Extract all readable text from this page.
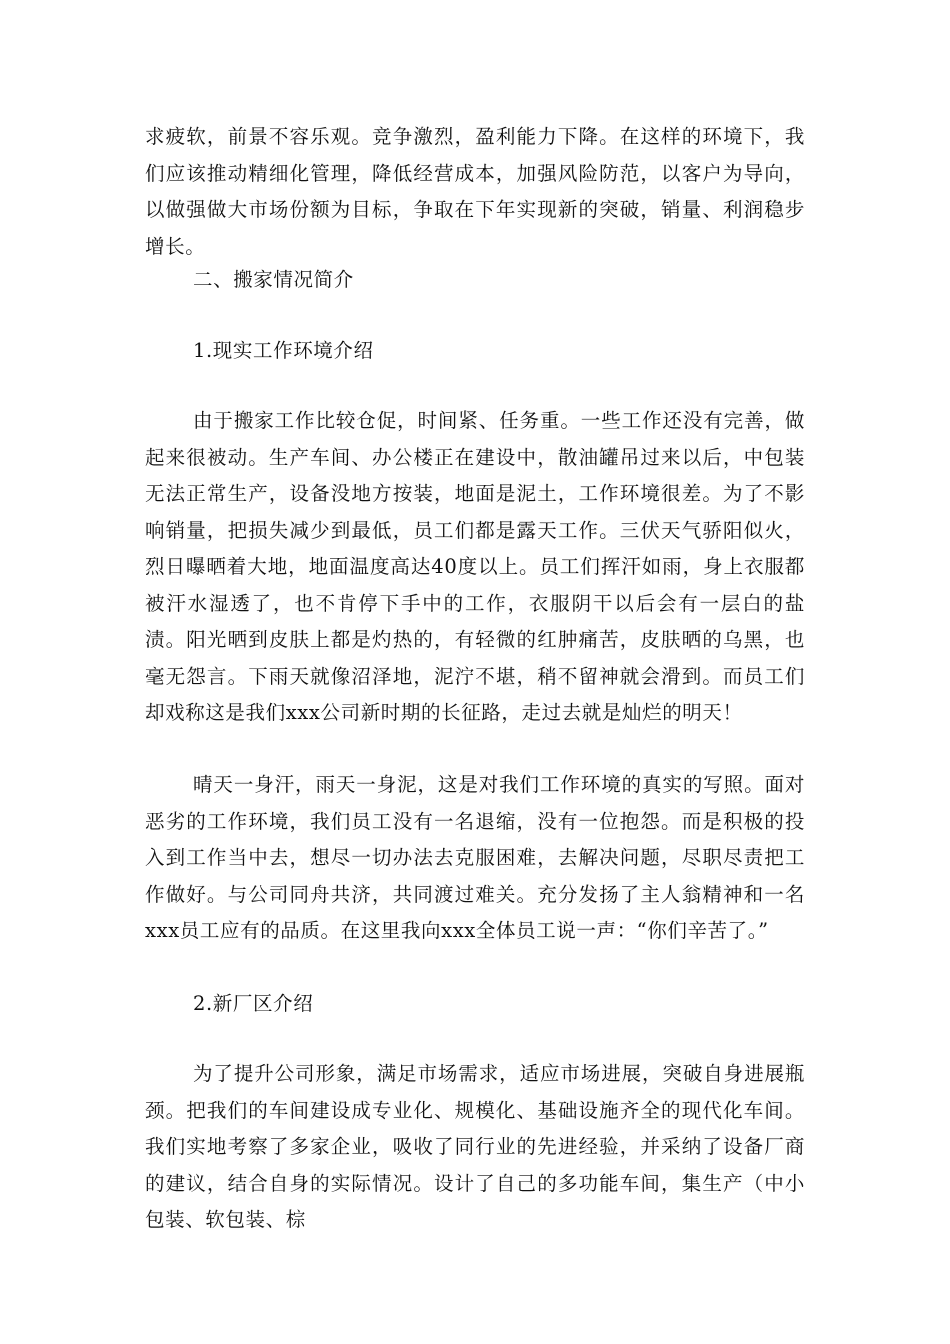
求疲软，前景不容乐观。竞争激烈，盈利能力下降。在这样的环境下，我们应该推动精细化管理，降低经营成本，加强风险防范，以客户为导向，以做强做大市场份额为目标，争取在下年实现新的突破，销量、利润稳步增长。

二、搬家情况简介
1.现实工作环境介绍

由于搬家工作比较仓促，时间紧、任务重。一些工作还没有完善，做起来很被动。生产车间、办公楼正在建设中，散油罐吊过来以后，中包装无法正常生产，设备没地方按装，地面是泥土，工作环境很差。为了不影响销量，把损失减少到最低，员工们都是露天工作。三伏天气骄阳似火，烈日曝晒着大地，地面温度高达40度以上。员工们挥汗如雨，身上衣服都被汗水湿透了，也不肯停下手中的工作，衣服阴干以后会有一层白的盐渍。阳光晒到皮肤上都是灼热的，有轻微的红肿痛苦，皮肤晒的乌黑，也毫无怨言。下雨天就像沼泽地，泥泞不堪，稍不留神就会滑到。而员工们却戏称这是我们xxx公司新时期的长征路，走过去就是灿烂的明天！

晴天一身汗，雨天一身泥，这是对我们工作环境的真实的写照。面对恶劣的工作环境，我们员工没有一名退缩，没有一位抱怨。而是积极的投入到工作当中去，想尽一切办法去克服困难，去解决问题，尽职尽责把工作做好。与公司同舟共济，共同渡过难关。充分发扬了主人翁精神和一名xxx员工应有的品质。在这里我向xxx全体员工说一声：“你们辛苦了。”

2.新厂区介绍

为了提升公司形象，满足市场需求，适应市场进展，突破自身进展瓶颈。把我们的车间建设成专业化、规模化、基础设施齐全的现代化车间。我们实地考察了多家企业，吸收了同行业的先进经验，并采纳了设备厂商的建议，结合自身的实际情况。设计了自己的多功能车间，集生产（中小包装、软包装、棕
